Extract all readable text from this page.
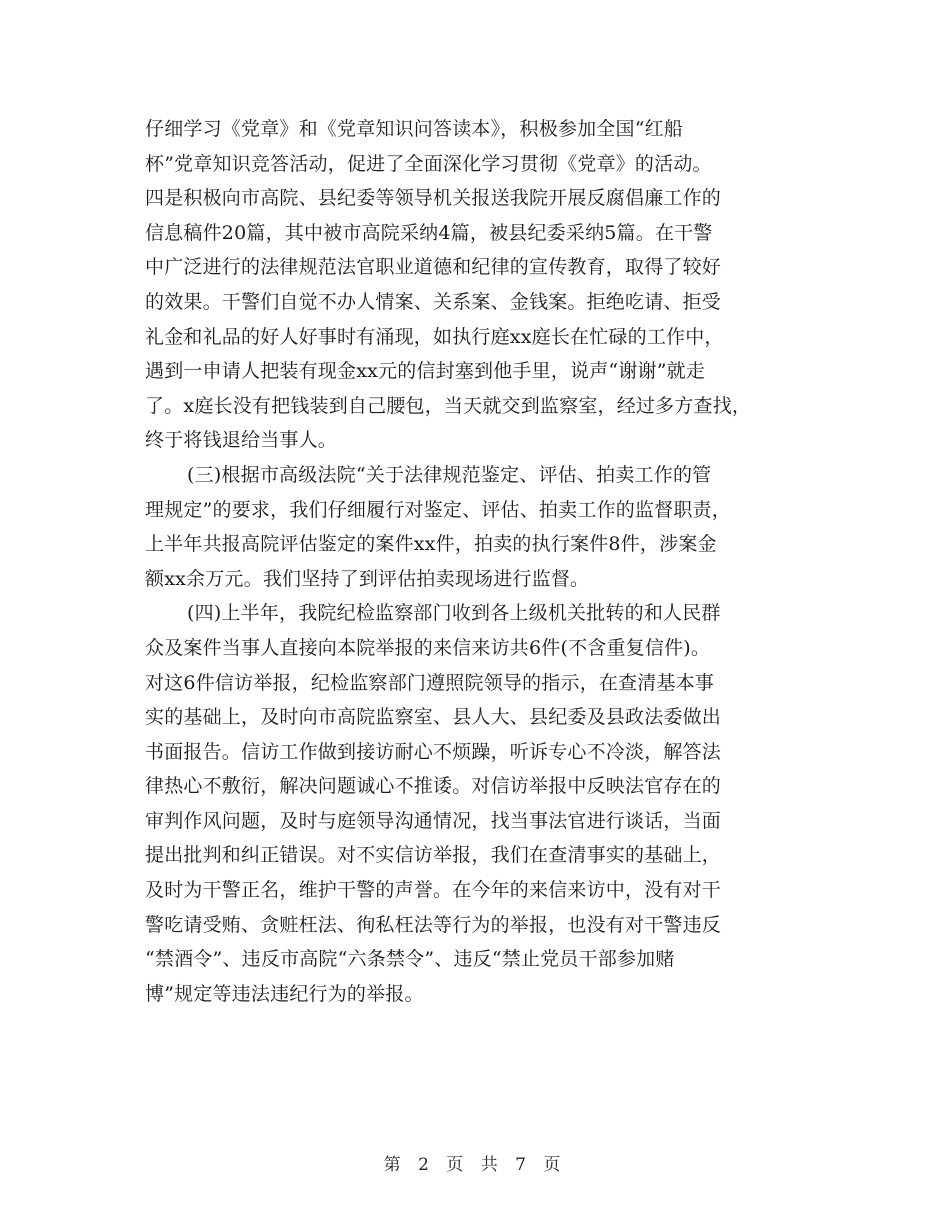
仔细学习《党章》和《党章知识问答读本》，积极参加全国“红船
杯”党章知识竞答活动，促进了全面深化学习贯彻《党章》的活动。
四是积极向市高院、县纪委等领导机关报送我院开展反腐倡廉工作的
信息稿件20篇，其中被市高院采纳4篇，被县纪委采纳5篇。在干警
中广泛进行的法律规范法官职业道德和纪律的宣传教育，取得了较好
的效果。干警们自觉不办人情案、关系案、金钱案。拒绝吃请、拒受
礼金和礼品的好人好事时有涌现，如执行庭xx庭长在忙碌的工作中，
遇到一申请人把装有现金xx元的信封塞到他手里，说声“谢谢”就走
了。x庭长没有把钱装到自己腰包，当天就交到监察室，经过多方查找，
终于将钱退给当事人。
(三)根据市高级法院“关于法律规范鉴定、评估、拍卖工作的管
理规定”的要求，我们仔细履行对鉴定、评估、拍卖工作的监督职责，
上半年共报高院评估鉴定的案件xx件，拍卖的执行案件8件，涉案金
额xx余万元。我们坚持了到评估拍卖现场进行监督。
(四)上半年，我院纪检监察部门收到各上级机关批转的和人民群
众及案件当事人直接向本院举报的来信来访共6件(不含重复信件)。
对这6件信访举报，纪检监察部门遵照院领导的指示，在查清基本事
实的基础上，及时向市高院监察室、县人大、县纪委及县政法委做出
书面报告。信访工作做到接访耐心不烦躁，听诉专心不冷淡，解答法
律热心不敷衍，解决问题诚心不推诿。对信访举报中反映法官存在的
审判作风问题，及时与庭领导沟通情况，找当事法官进行谈话，当面
提出批判和纠正错误。对不实信访举报，我们在查清事实的基础上，
及时为干警正名，维护干警的声誉。在今年的来信来访中，没有对干
警吃请受贿、贪赃枉法、徇私枉法等行为的举报，也没有对干警违反
“禁酒令”、违反市高院“六条禁令”、违反“禁止党员干部参加赌
博”规定等违法违纪行为的举报。
第 2 页 共 7 页
